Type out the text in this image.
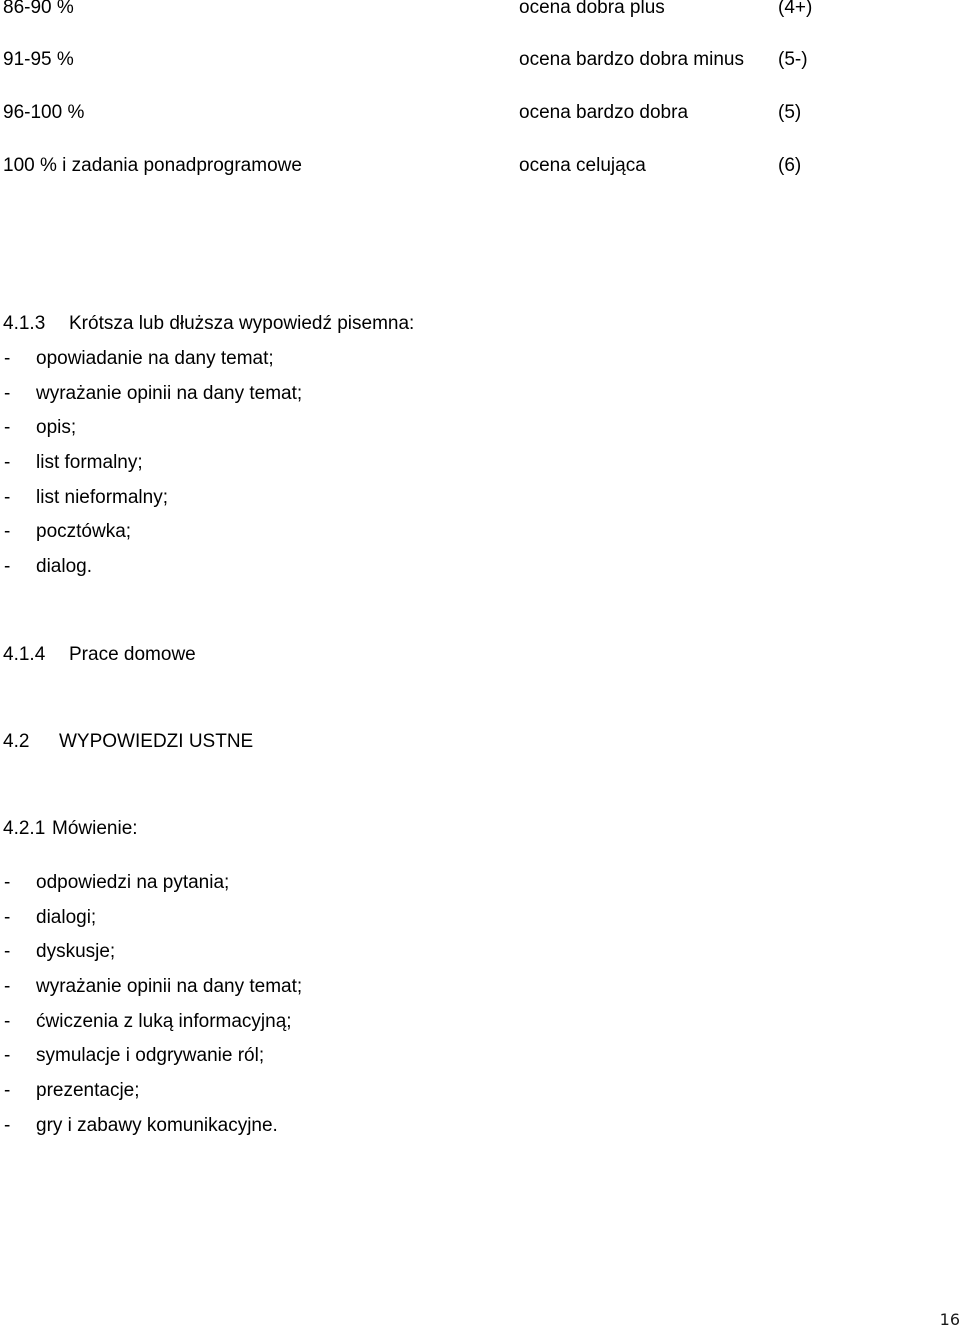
86-90 %	ocena dobra plus	(4+)
91-95 %	ocena bardzo dobra minus (5-)
96-100 %	ocena bardzo dobra	(5)
100 % i zadania ponadprogramowe	ocena celująca	(6)
4.1.3 Krótsza lub dłuższa wypowiedź pisemna:
- opowiadanie na dany temat;
- wyrażanie opinii na dany temat;
- opis;
- list formalny;
- list nieformalny;
- pocztówka;
- dialog.
4.1.4 Prace domowe
4.2 WYPOWIEDZI USTNE
4.2.1 Mówienie:
- odpowiedzi na pytania;
- dialogi;
- dyskusje;
- wyrażanie opinii na dany temat;
- ćwiczenia z luką informacyjną;
- symulacje i odgrywanie ról;
- prezentacje;
- gry i zabawy komunikacyjne.
16
